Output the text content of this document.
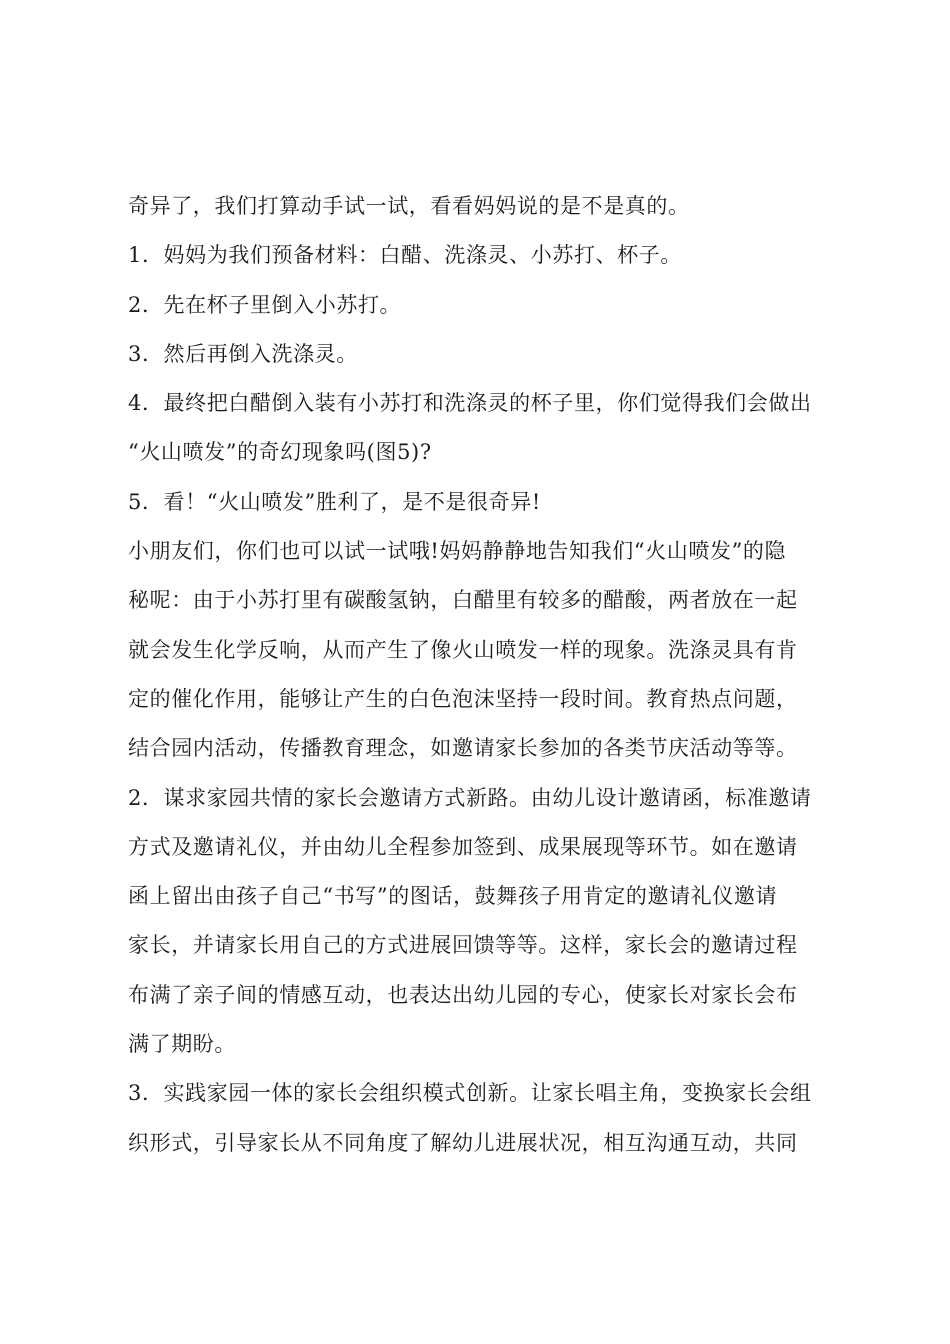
奇异了，我们打算动手试一试，看看妈妈说的是不是真的。
1．妈妈为我们预备材料：白醋、洗涤灵、小苏打、杯子。
2．先在杯子里倒入小苏打。
3．然后再倒入洗涤灵。
4．最终把白醋倒入装有小苏打和洗涤灵的杯子里，你们觉得我们会做出
“火山喷发”的奇幻现象吗(图5)?
5．看！“火山喷发”胜利了，是不是很奇异!
小朋友们，你们也可以试一试哦!妈妈静静地告知我们“火山喷发”的隐
秘呢：由于小苏打里有碳酸氢钠，白醋里有较多的醋酸，两者放在一起
就会发生化学反响，从而产生了像火山喷发一样的现象。洗涤灵具有肯
定的催化作用，能够让产生的白色泡沫坚持一段时间。教育热点问题，
结合园内活动，传播教育理念，如邀请家长参加的各类节庆活动等等。
2．谋求家园共情的家长会邀请方式新路。由幼儿设计邀请函，标准邀请
方式及邀请礼仪，并由幼儿全程参加签到、成果展现等环节。如在邀请
函上留出由孩子自己“书写”的图话，鼓舞孩子用肯定的邀请礼仪邀请
家长，并请家长用自己的方式进展回馈等等。这样，家长会的邀请过程
布满了亲子间的情感互动，也表达出幼儿园的专心，使家长对家长会布
满了期盼。
3．实践家园一体的家长会组织模式创新。让家长唱主角，变换家长会组
织形式，引导家长从不同角度了解幼儿进展状况，相互沟通互动，共同
